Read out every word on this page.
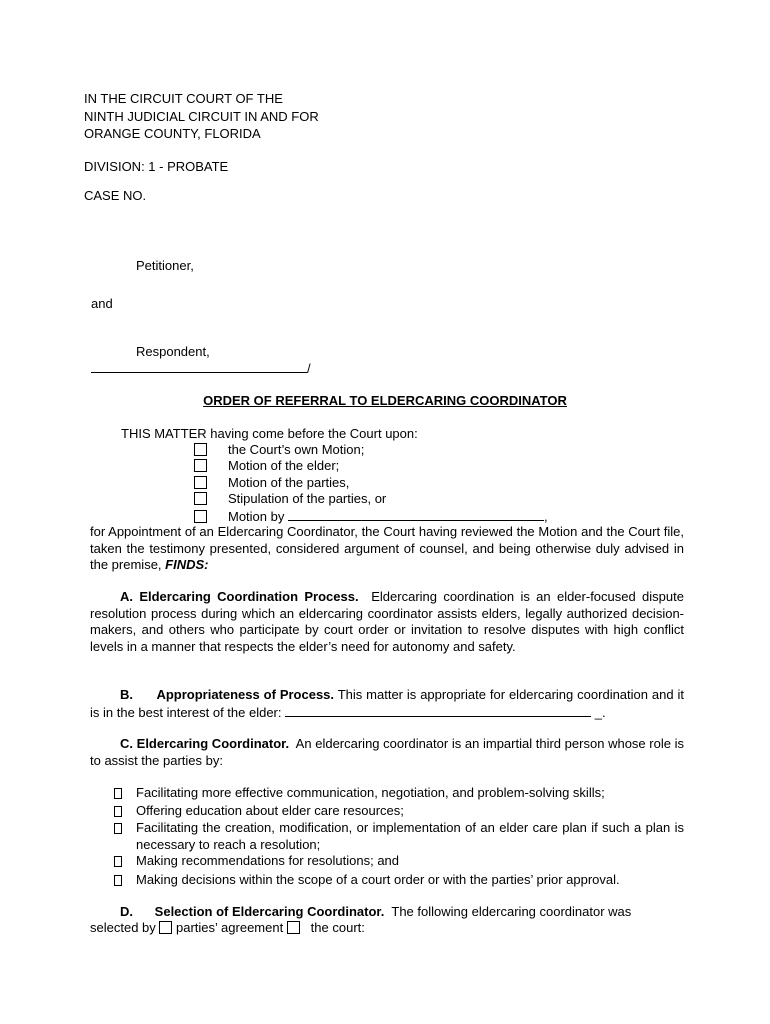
IN THE CIRCUIT COURT OF THE
NINTH JUDICIAL CIRCUIT IN AND FOR
ORANGE COUNTY, FLORIDA
DIVISION: 1 - PROBATE
CASE NO.
Petitioner,
and
Respondent,
/
ORDER OF REFERRAL TO ELDERCARING COORDINATOR
THIS MATTER having come before the Court upon:
the Court’s own Motion;
Motion of the elder;
Motion of the parties,
Stipulation of the parties, or
Motion by	,
for Appointment of an Eldercaring Coordinator, the Court having reviewed the Motion and the Court file, taken the testimony presented, considered argument of counsel, and being otherwise duly advised in the premise, FINDS:
A. Eldercaring Coordination Process. Eldercaring coordination is an elder-focused dispute resolution process during which an eldercaring coordinator assists elders, legally authorized decision-makers, and others who participate by court order or invitation to resolve disputes with high conflict levels in a manner that respects the elder’s need for autonomy and safety.
B. Appropriateness of Process. This matter is appropriate for eldercaring coordination and it is in the best interest of the elder:	_.
C. Eldercaring Coordinator. An eldercaring coordinator is an impartial third person whose role is to assist the parties by:
Facilitating more effective communication, negotiation, and problem-solving skills;
Offering education about elder care resources;
Facilitating the creation, modification, or implementation of an elder care plan if such a plan is necessary to reach a resolution;
Making recommendations for resolutions; and
Making decisions within the scope of a court order or with the parties’ prior approval.
D. Selection of Eldercaring Coordinator. The following eldercaring coordinator was
selected by parties’ agreement the court:
